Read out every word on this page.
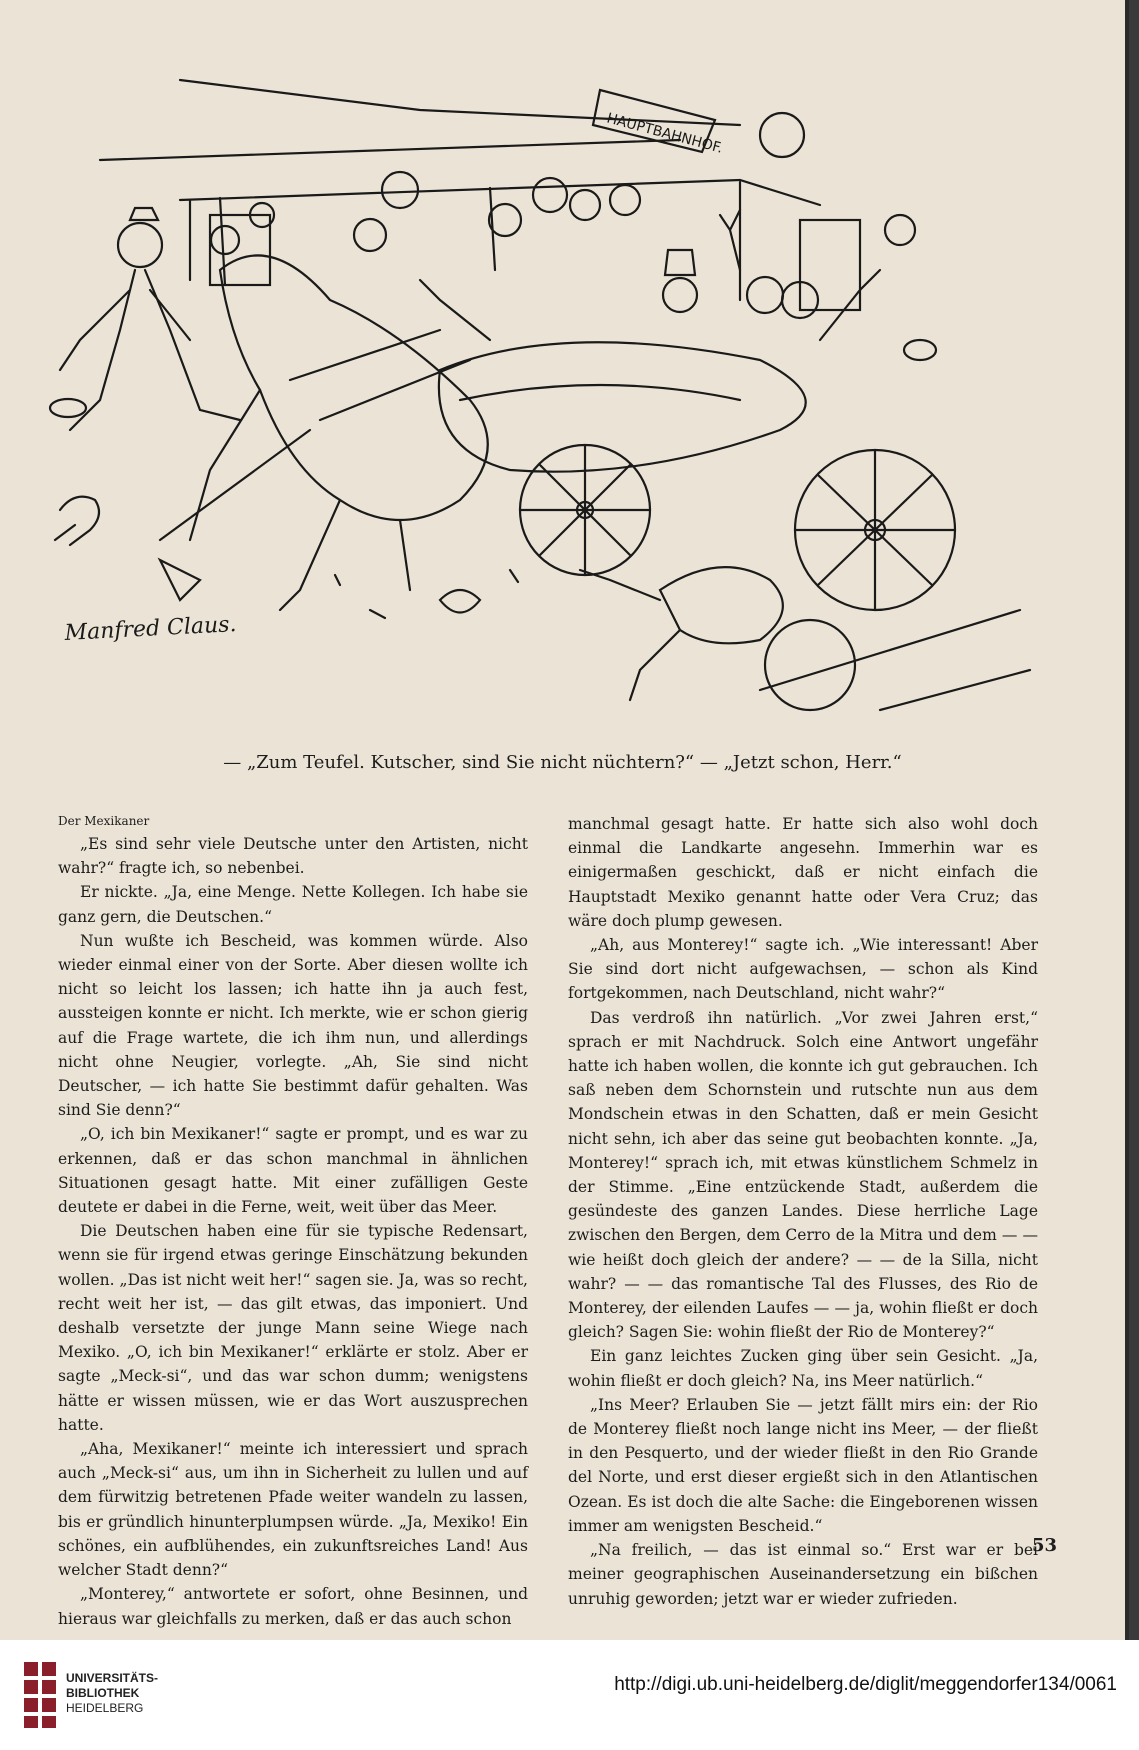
HAUPTBAHNHOF.
Manfred Claus.
— „Zum Teufel. Kutscher, sind Sie nicht nüchtern?“ — „Jetzt schon, Herr.“

Der Mexikaner

„Es sind sehr viele Deutsche unter den Artisten, nicht wahr?“ fragte ich, so nebenbei.

Er nickte. „Ja, eine Menge. Nette Kollegen. Ich habe sie ganz gern, die Deutschen.“

Nun wußte ich Bescheid, was kommen würde. Also wieder einmal einer von der Sorte. Aber diesen wollte ich nicht so leicht los lassen; ich hatte ihn ja auch fest, aussteigen konnte er nicht. Ich merkte, wie er schon gierig auf die Frage wartete, die ich ihm nun, und allerdings nicht ohne Neugier, vorlegte. „Ah, Sie sind nicht Deutscher, — ich hatte Sie bestimmt dafür gehalten. Was sind Sie denn?“

„O, ich bin Mexikaner!“ sagte er prompt, und es war zu erkennen, daß er das schon manchmal in ähnlichen Situationen gesagt hatte. Mit einer zufälligen Geste deutete er dabei in die Ferne, weit, weit über das Meer.

Die Deutschen haben eine für sie typische Redensart, wenn sie für irgend etwas geringe Einschätzung bekunden wollen. „Das ist nicht weit her!“ sagen sie. Ja, was so recht, recht weit her ist, — das gilt etwas, das imponiert. Und deshalb versetzte der junge Mann seine Wiege nach Mexiko. „O, ich bin Mexikaner!“ erklärte er stolz. Aber er sagte „Meck-si“, und das war schon dumm; wenigstens hätte er wissen müssen, wie er das Wort auszusprechen hatte.

„Aha, Mexikaner!“ meinte ich interessiert und sprach auch „Meck-si“ aus, um ihn in Sicherheit zu lullen und auf dem fürwitzig betretenen Pfade weiter wandeln zu lassen, bis er gründlich hinunterplumpsen würde. „Ja, Mexiko! Ein schönes, ein aufblühendes, ein zukunftsreiches Land! Aus welcher Stadt denn?“

„Monterey,“ antwortete er sofort, ohne Besinnen, und hieraus war gleichfalls zu merken, daß er das auch schon

manchmal gesagt hatte. Er hatte sich also wohl doch einmal die Landkarte angesehn. Immerhin war es einigermaßen geschickt, daß er nicht einfach die Hauptstadt Mexiko genannt hatte oder Vera Cruz; das wäre doch plump gewesen.

„Ah, aus Monterey!“ sagte ich. „Wie interessant! Aber Sie sind dort nicht aufgewachsen, — schon als Kind fortgekommen, nach Deutschland, nicht wahr?“

Das verdroß ihn natürlich. „Vor zwei Jahren erst,“ sprach er mit Nachdruck. Solch eine Antwort ungefähr hatte ich haben wollen, die konnte ich gut gebrauchen. Ich saß neben dem Schornstein und rutschte nun aus dem Mondschein etwas in den Schatten, daß er mein Gesicht nicht sehn, ich aber das seine gut beobachten konnte. „Ja, Monterey!“ sprach ich, mit etwas künstlichem Schmelz in der Stimme. „Eine entzückende Stadt, außerdem die gesündeste des ganzen Landes. Diese herrliche Lage zwischen den Bergen, dem Cerro de la Mitra und dem — — wie heißt doch gleich der andere? — — de la Silla, nicht wahr? — — das romantische Tal des Flusses, des Rio de Monterey, der eilenden Laufes — — ja, wohin fließt er doch gleich? Sagen Sie: wohin fließt der Rio de Monterey?“

Ein ganz leichtes Zucken ging über sein Gesicht. „Ja, wohin fließt er doch gleich? Na, ins Meer natürlich.“

„Ins Meer? Erlauben Sie — jetzt fällt mirs ein: der Rio de Monterey fließt noch lange nicht ins Meer, — der fließt in den Pesquerto, und der wieder fließt in den Rio Grande del Norte, und erst dieser ergießt sich in den Atlantischen Ozean. Es ist doch die alte Sache: die Eingeborenen wissen immer am wenigsten Bescheid.“

„Na freilich, — das ist einmal so.“ Erst war er bei meiner geographischen Auseinandersetzung ein bißchen unruhig geworden; jetzt war er wieder zufrieden.

53
UNIVERSITÄTS-
BIBLIOTHEK
HEIDELBERG
http://digi.ub.uni-heidelberg.de/diglit/meggendorfer134/0061
